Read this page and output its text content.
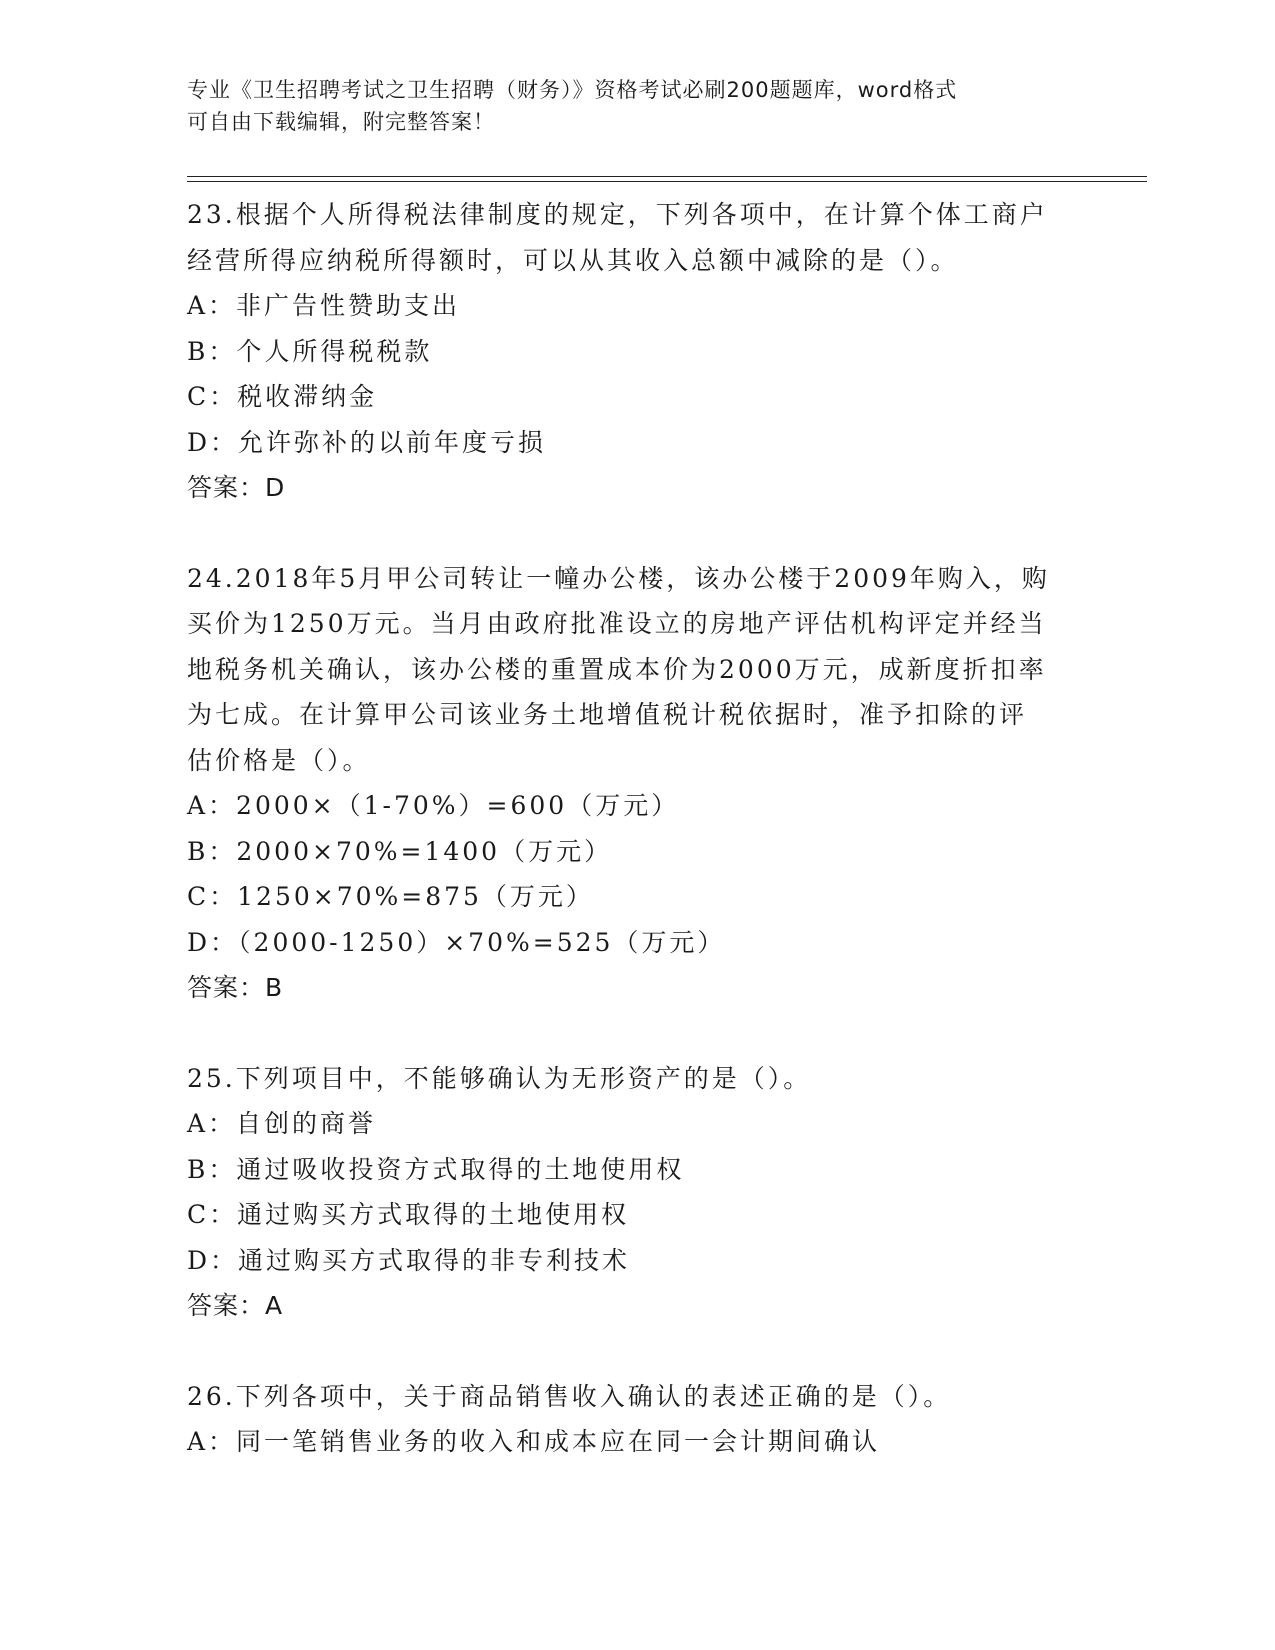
专业《卫生招聘考试之卫生招聘（财务）》资格考试必刷200题题库，word格式
可自由下载编辑，附完整答案！

23.根据个人所得税法律制度的规定，下列各项中，在计算个体工商户

经营所得应纳税所得额时，可以从其收入总额中减除的是（）。

A：非广告性赞助支出

B：个人所得税税款

C：税收滞纳金

D：允许弥补的以前年度亏损

答案：D

24.2018年5月甲公司转让一幢办公楼，该办公楼于2009年购入，购

买价为1250万元。当月由政府批准设立的房地产评估机构评定并经当

地税务机关确认，该办公楼的重置成本价为2000万元，成新度折扣率

为七成。在计算甲公司该业务土地增值税计税依据时，准予扣除的评

估价格是（）。

A：2000×（1-70%）=600（万元）

B：2000×70%=1400（万元）

C：1250×70%=875（万元）

D：（2000-1250）×70%=525（万元）

答案：B

25.下列项目中，不能够确认为无形资产的是（）。

A：自创的商誉

B：通过吸收投资方式取得的土地使用权

C：通过购买方式取得的土地使用权

D：通过购买方式取得的非专利技术

答案：A

26.下列各项中，关于商品销售收入确认的表述正确的是（）。

A：同一笔销售业务的收入和成本应在同一会计期间确认
